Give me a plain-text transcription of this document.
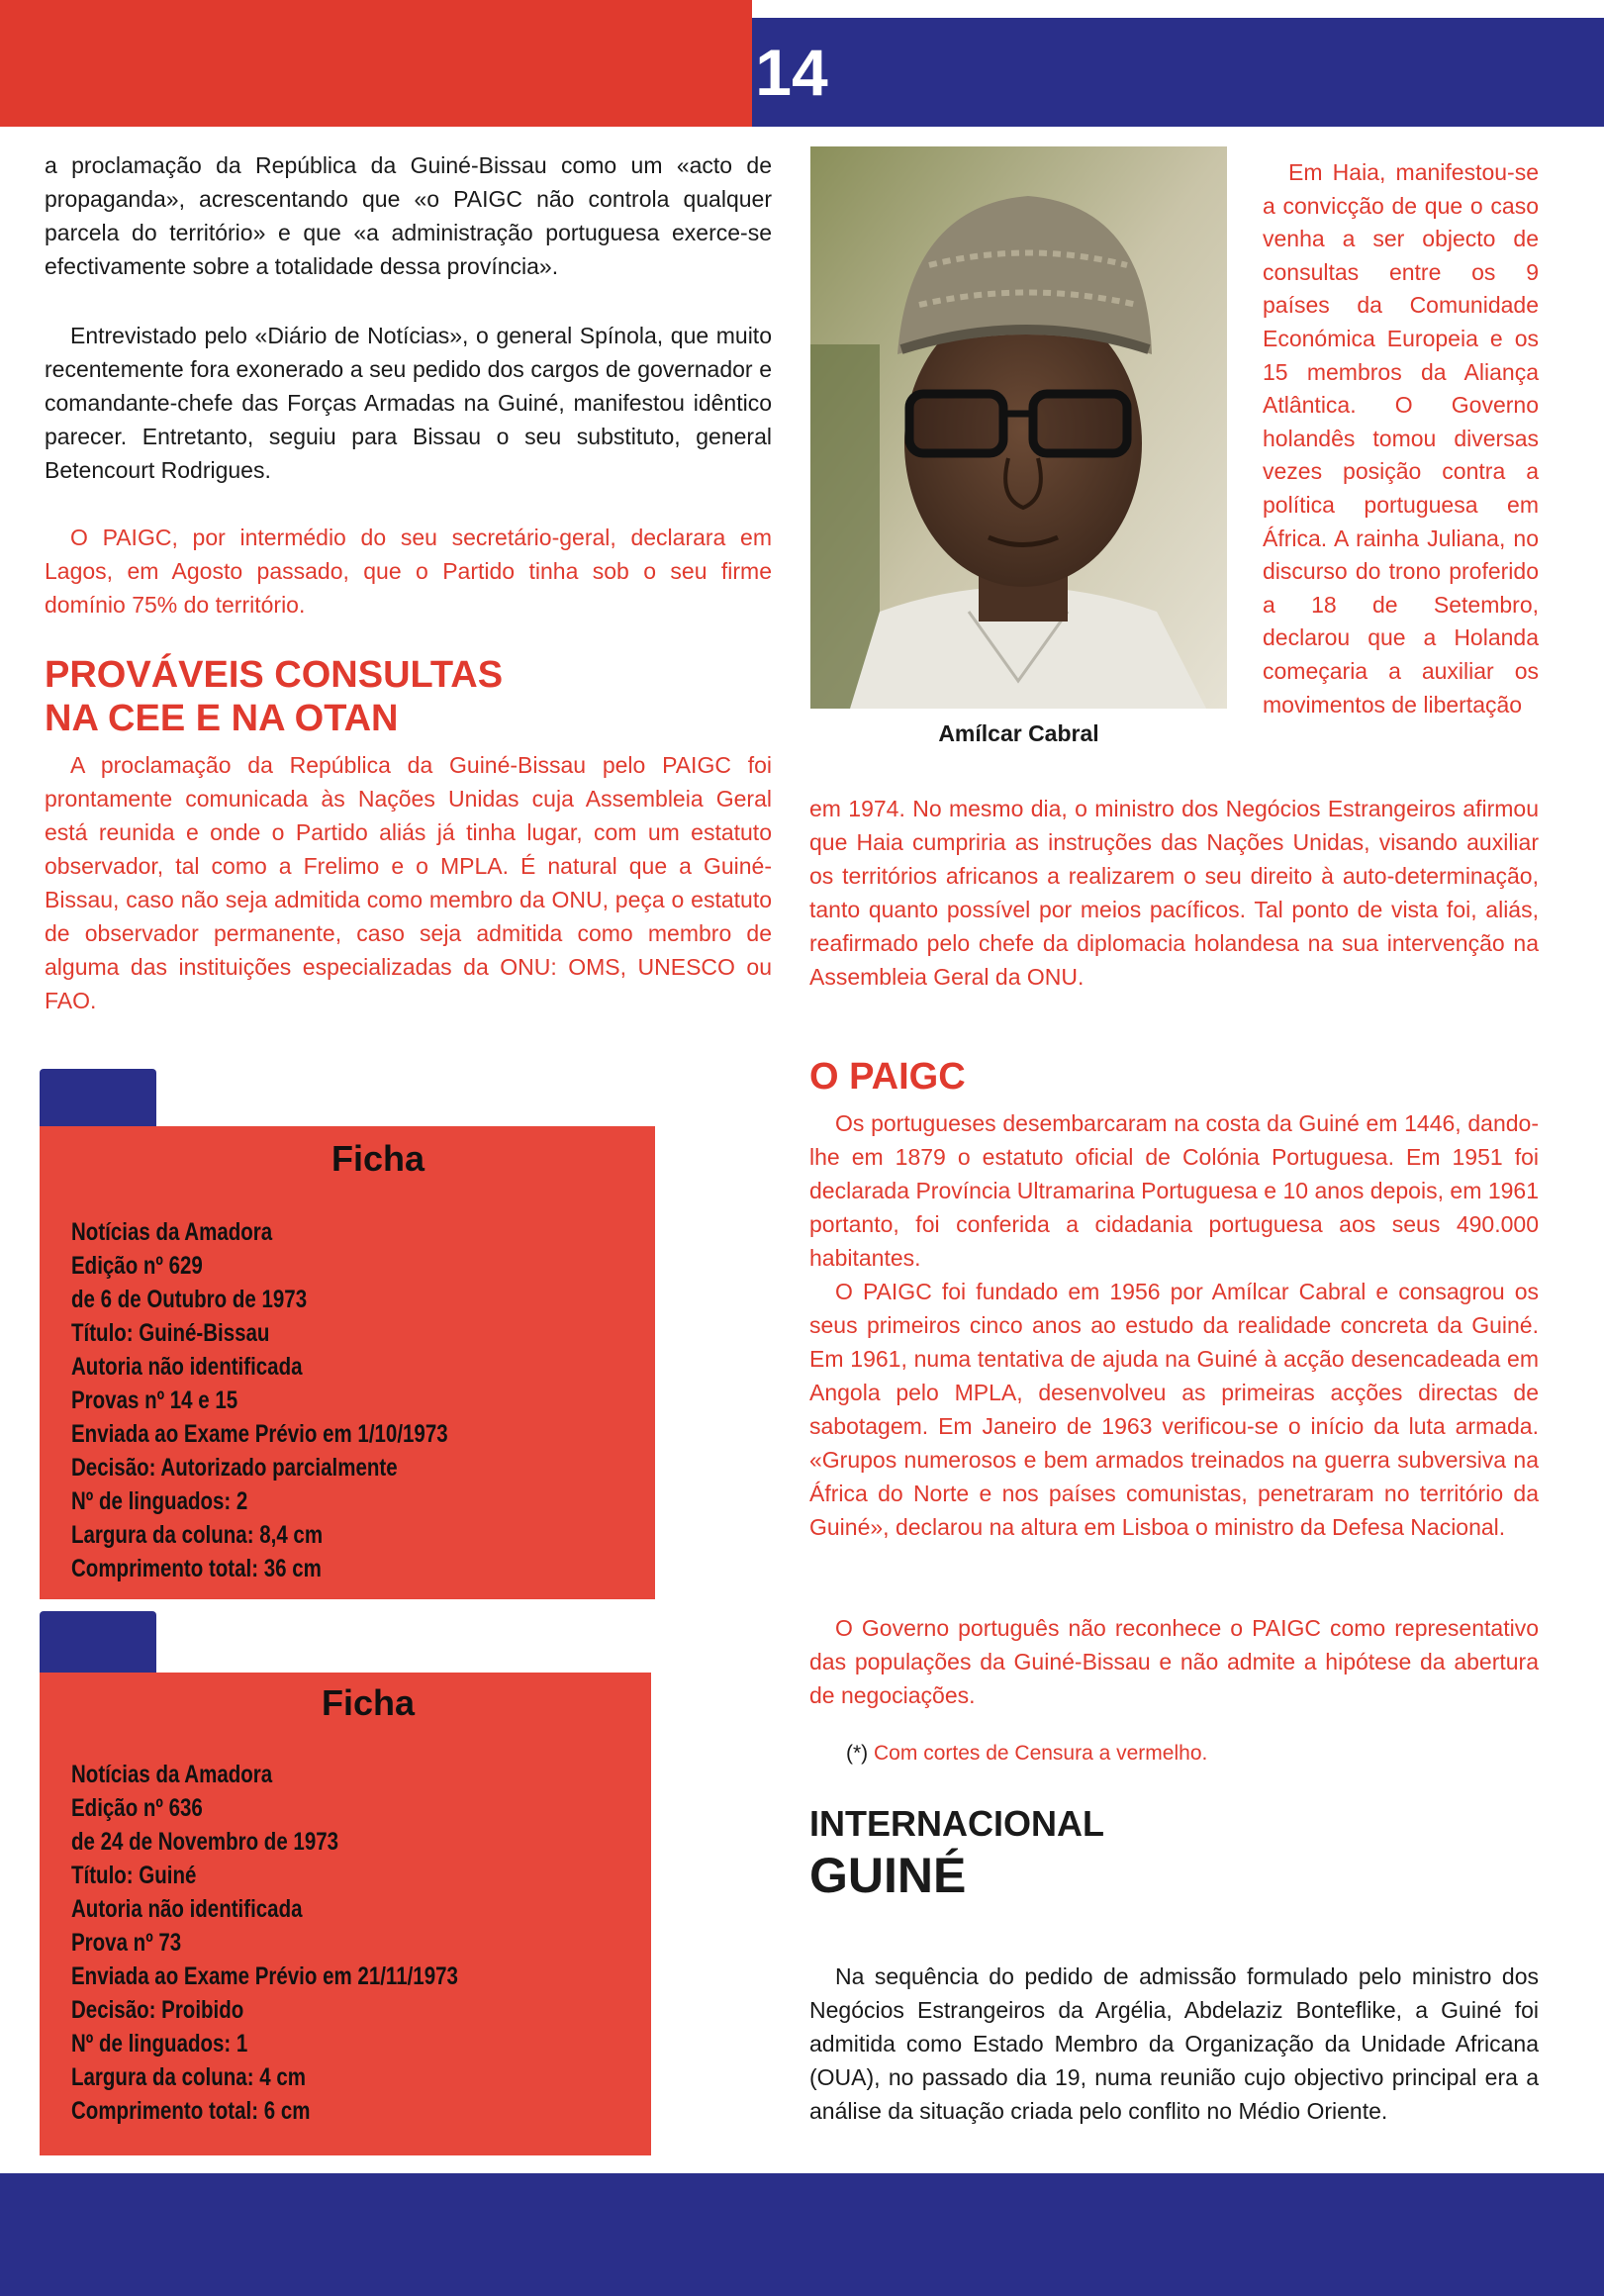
14

a proclamação da República da Guiné-Bissau como um «acto de propaganda», acrescentando que «o PAIGC não controla qualquer parcela do território» e que «a administração portuguesa exerce-se efectivamente sobre a totalidade dessa província».

Entrevistado pelo «Diário de Notícias», o general Spínola, que muito recentemente fora exonerado a seu pedido dos cargos de governador e comandante-chefe das Forças Armadas na Guiné, manifestou idêntico parecer. Entretanto, seguiu para Bissau o seu substituto, general Betencourt Rodrigues.

O PAIGC, por intermédio do seu secretário-geral, declarara em Lagos, em Agosto passado, que o Partido tinha sob o seu firme domínio 75% do território.

PROVÁVEIS CONSULTAS
NA CEE E NA OTAN

A proclamação da República da Guiné-Bissau pelo PAIGC foi prontamente comunicada às Nações Unidas cuja Assembleia Geral está reunida e onde o Partido aliás já tinha lugar, com um estatuto observador, tal como a Frelimo e o MPLA. É natural que a Guiné-Bissau, caso não seja admitida como membro da ONU, peça o estatuto de observador permanente, caso seja admitida como membro de alguma das instituições especializadas da ONU: OMS, UNESCO ou FAO.

Ficha
Notícias da Amadora
Edição nº 629
de 6 de Outubro de 1973
Título: Guiné-Bissau
Autoria não identificada
Provas nº 14 e 15
Enviada ao Exame Prévio em 1/10/1973
Decisão: Autorizado parcialmente
Nº de linguados: 2
Largura da coluna: 8,4 cm
Comprimento total: 36 cm
Ficha
Notícias da Amadora
Edição nº 636
de 24 de Novembro de 1973
Título: Guiné
Autoria não identificada
Prova nº 73
Enviada ao Exame Prévio em 21/11/1973
Decisão: Proibido
Nº de linguados: 1
Largura da coluna: 4 cm
Comprimento total: 6 cm
Amílcar Cabral

Em Haia, manifestou-se a convicção de que o caso venha a ser objecto de consultas entre os 9 países da Comunidade Económica Europeia e os 15 membros da Aliança Atlântica. O Governo holandês tomou diversas vezes posição contra a política portuguesa em África. A rainha Juliana, no discurso do trono proferido a 18 de Setembro, declarou que a Holanda começaria a auxiliar os movimentos de libertação

em 1974. No mesmo dia, o ministro dos Negócios Estrangeiros afirmou que Haia cumpriria as instruções das Nações Unidas, visando auxiliar os territórios africanos a realizarem o seu direito à auto-determinação, tanto quanto possível por meios pacíficos. Tal ponto de vista foi, aliás, reafirmado pelo chefe da diplomacia holandesa na sua intervenção na Assembleia Geral da ONU.

O PAIGC

Os portugueses desembarcaram na costa da Guiné em 1446, dando-lhe em 1879 o estatuto oficial de Colónia Portuguesa. Em 1951 foi declarada Província Ultramarina Portuguesa e 10 anos depois, em 1961 portanto, foi conferida a cidadania portuguesa aos seus 490.000 habitantes.

O PAIGC foi fundado em 1956 por Amílcar Cabral e consagrou os seus primeiros cinco anos ao estudo da realidade concreta da Guiné. Em 1961, numa tentativa de ajuda na Guiné à acção desencadeada em Angola pelo MPLA, desenvolveu as primeiras acções directas de sabotagem. Em Janeiro de 1963 verificou-se o início da luta armada. «Grupos numerosos e bem armados treinados na guerra subversiva na África do Norte e nos países comunistas, penetraram no território da Guiné», declarou na altura em Lisboa o ministro da Defesa Nacional.

O Governo português não reconhece o PAIGC como representativo das populações da Guiné-Bissau e não admite a hipótese da abertura de negociações.

(*) Com cortes de Censura a vermelho.
INTERNACIONAL
GUINÉ

Na sequência do pedido de admissão formulado pelo ministro dos Negócios Estrangeiros da Argélia, Abdelaziz Bonteflike, a Guiné foi admitida como Estado Membro da Organização da Unidade Africana (OUA), no passado dia 19, numa reunião cujo objectivo principal era a análise da situação criada pelo conflito no Médio Oriente.
